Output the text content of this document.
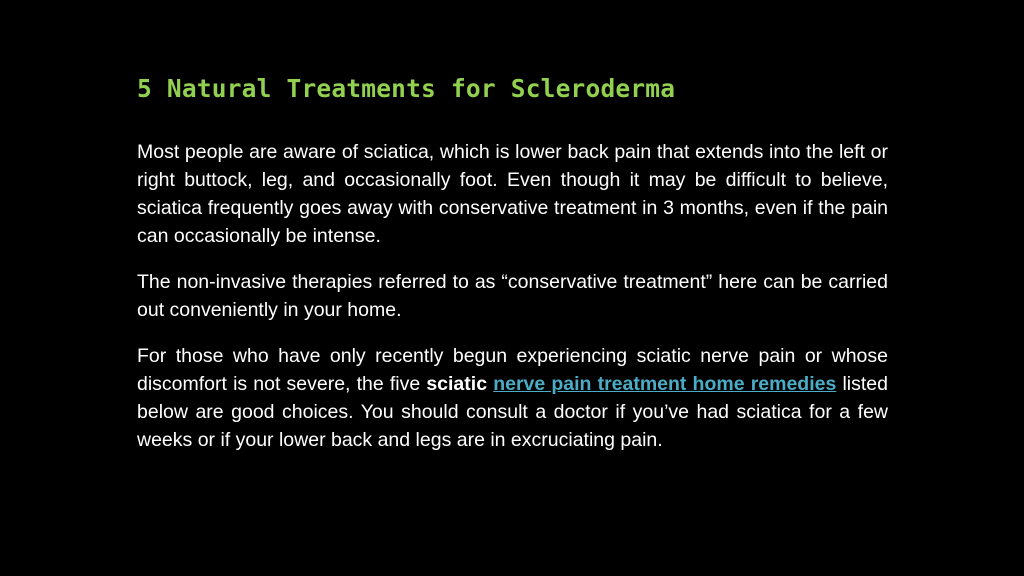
5 Natural Treatments for Scleroderma

Most people are aware of sciatica, which is lower back pain that extends into the left or right buttock, leg, and occasionally foot. Even though it may be difficult to believe, sciatica frequently goes away with conservative treatment in 3 months, even if the pain can occasionally be intense.

The non-invasive therapies referred to as “conservative treatment” here can be carried out conveniently in your home.

For those who have only recently begun experiencing sciatic nerve pain or whose discomfort is not severe, the five sciatic nerve pain treatment home remedies listed below are good choices. You should consult a doctor if you’ve had sciatica for a few weeks or if your lower back and legs are in excruciating pain.
